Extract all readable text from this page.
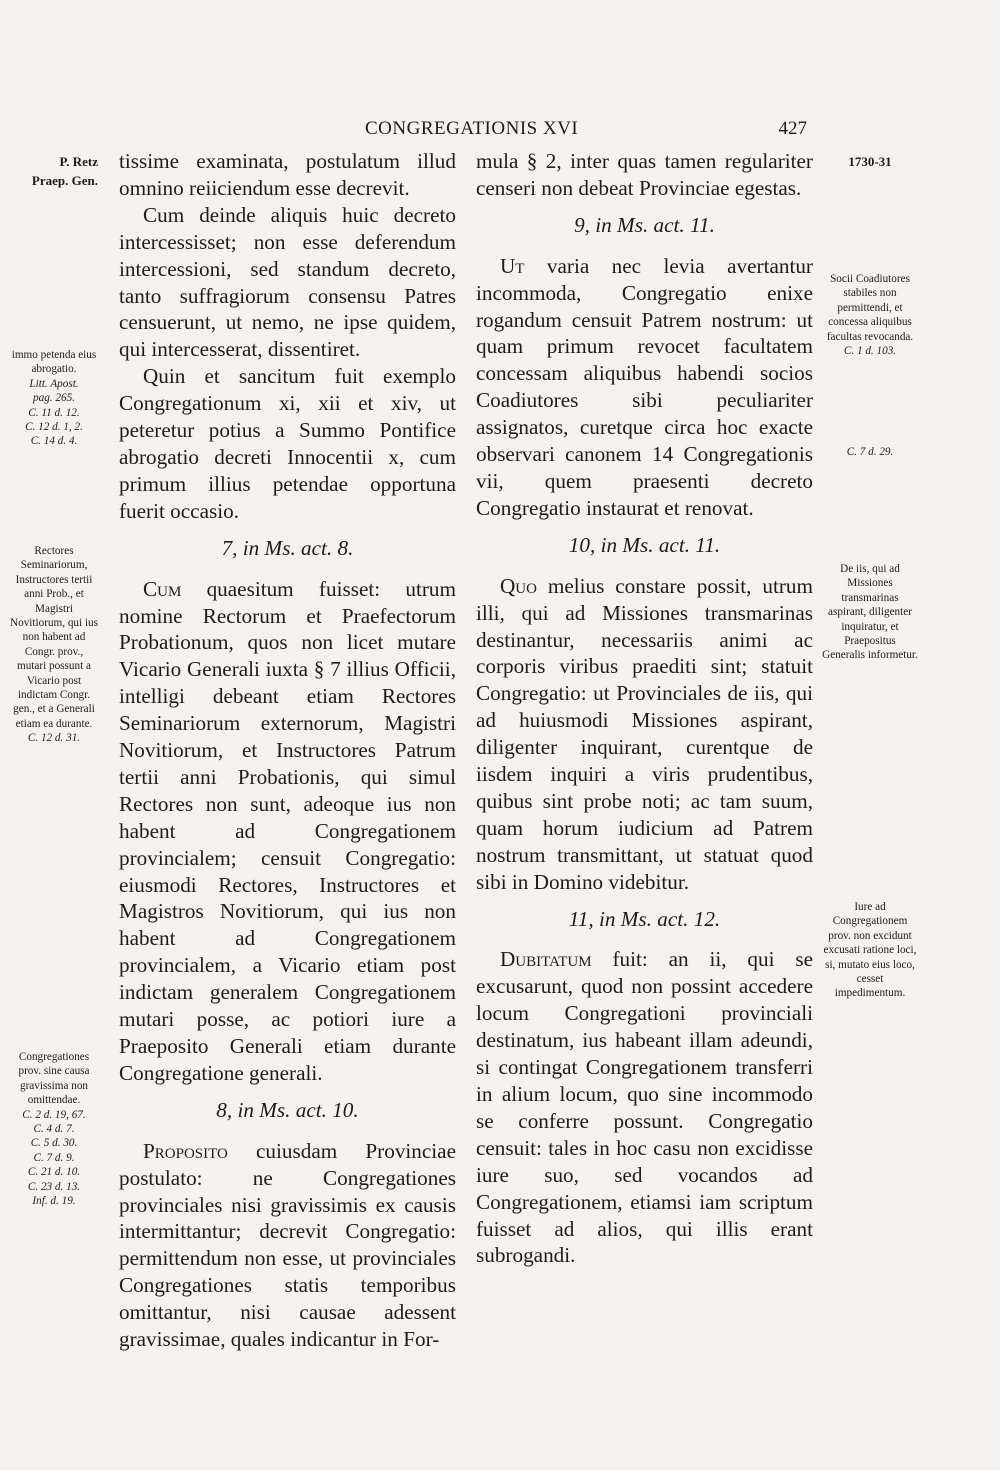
CONGREGATIONIS XVI	427
P. Retz
Praep. Gen.
immo petenda eius abrogatio.
Litt. Apost.
pag. 265.
C. 11 d. 12.
C. 12 d. 1, 2.
C. 14 d. 4.
Rectores Seminariorum, Instructores tertii anni Prob., et Magistri Novitiorum, qui ius non habent ad Congr. prov., mutari possunt a Vicario post indictam Congr. gen., et a Generali etiam ea durante.
C. 12 d. 31.
Congregationes prov. sine causa gravissima non omittendae.
C. 2 d. 19, 67.
C. 4 d. 7.
C. 5 d. 30.
C. 7 d. 9.
C. 21 d. 10.
C. 23 d. 13.
Inf. d. 19.
1730-31
Socii Coadiutores stabiles non permittendi, et concessa aliquibus facultas revocanda.
C. 1 d. 103.
C. 7 d. 29.
De iis, qui ad Missiones transmarinas aspirant, diligenter inquiratur, et Praepositus Generalis informetur.
Iure ad Congregationem prov. non excidunt excusati ratione loci, si, mutato eius loco, cesset impedimentum.

tissime examinata, postulatum illud omnino reiiciendum esse decrevit.

Cum deinde aliquis huic decreto intercessisset; non esse deferendum intercessioni, sed standum decreto, tanto suffragiorum consensu Patres censuerunt, ut nemo, ne ipse quidem, qui intercesserat, dissentiret.

Quin et sancitum fuit exemplo Congregationum xi, xii et xiv, ut peteretur potius a Summo Pontifice abrogatio decreti Innocentii x, cum primum illius petendae opportuna fuerit occasio.

7, in Ms. act. 8.

Cum quaesitum fuisset: utrum nomine Rectorum et Praefectorum Probationum, quos non licet mutare Vicario Generali iuxta § 7 illius Officii, intelligi debeant etiam Rectores Seminariorum externorum, Magistri Novitiorum, et Instructores Patrum tertii anni Probationis, qui simul Rectores non sunt, adeoque ius non habent ad Congregationem provincialem; censuit Congregatio: eiusmodi Rectores, Instructores et Magistros Novitiorum, qui ius non habent ad Congregationem provincialem, a Vicario etiam post indictam generalem Congregationem mutari posse, ac potiori iure a Praeposito Generali etiam durante Congregatione generali.

8, in Ms. act. 10.

Proposito cuiusdam Provinciae postulato: ne Congregationes provinciales nisi gravissimis ex causis intermittantur; decrevit Congregatio: permittendum non esse, ut provinciales Congregationes statis temporibus omittantur, nisi causae adessent gravissimae, quales indicantur in For-

mula § 2, inter quas tamen regulariter censeri non debeat Provinciae egestas.

9, in Ms. act. 11.

Ut varia nec levia avertantur incommoda, Congregatio enixe rogandum censuit Patrem nostrum: ut quam primum revocet facultatem concessam aliquibus habendi socios Coadiutores sibi peculiariter assignatos, curetque circa hoc exacte observari canonem 14 Congregationis vii, quem praesenti decreto Congregatio instaurat et renovat.

10, in Ms. act. 11.

Quo melius constare possit, utrum illi, qui ad Missiones transmarinas destinantur, necessariis animi ac corporis viribus praediti sint; statuit Congregatio: ut Provinciales de iis, qui ad huiusmodi Missiones aspirant, diligenter inquirant, curentque de iisdem inquiri a viris prudentibus, quibus sint probe noti; ac tam suum, quam horum iudicium ad Patrem nostrum transmittant, ut statuat quod sibi in Domino videbitur.

11, in Ms. act. 12.

Dubitatum fuit: an ii, qui se excusarunt, quod non possint accedere locum Congregationi provinciali destinatum, ius habeant illam adeundi, si contingat Congregationem transferri in alium locum, quo sine incommodo se conferre possunt. Congregatio censuit: tales in hoc casu non excidisse iure suo, sed vocandos ad Congregationem, etiamsi iam scriptum fuisset ad alios, qui illis erant subrogandi.
